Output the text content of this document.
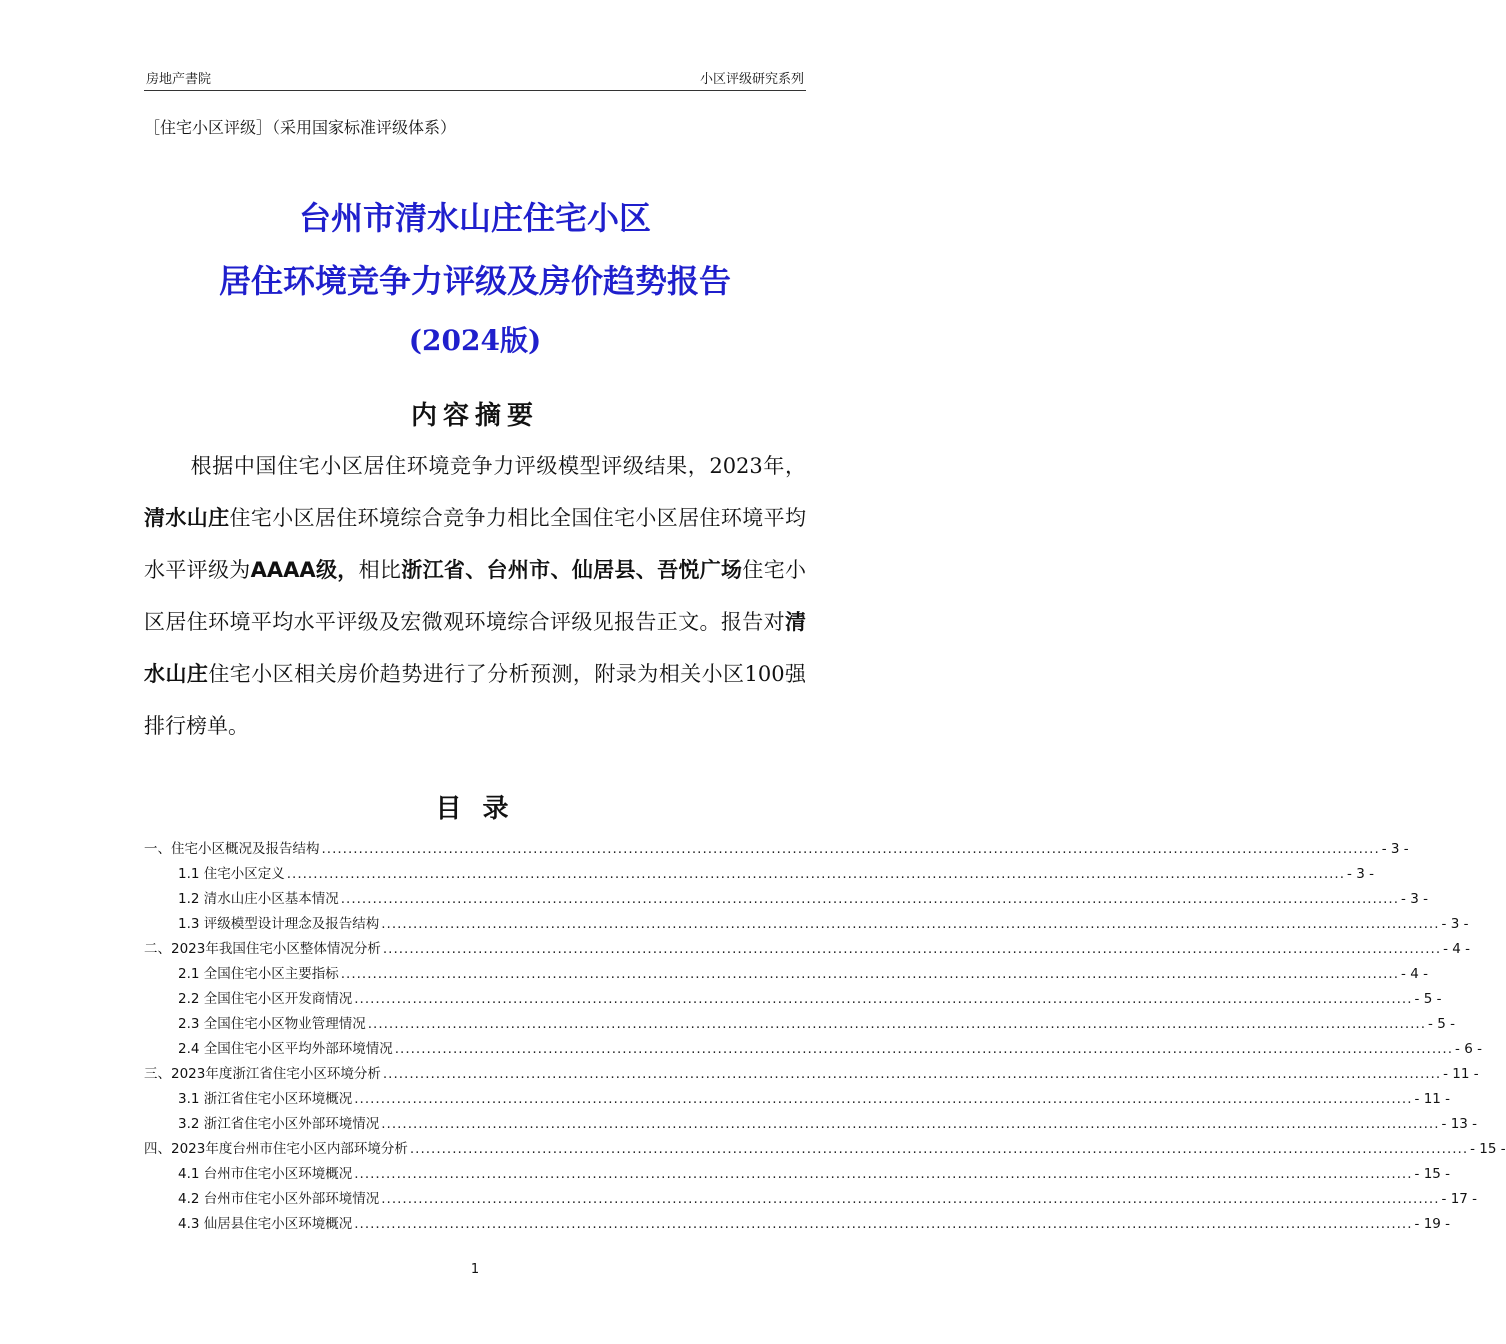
房地产書院	小区评级研究系列
［住宅小区评级］（采用国家标准评级体系）
台州市清水山庄住宅小区
居住环境竞争力评级及房价趋势报告
(2024版)
内容摘要
根据中国住宅小区居住环境竞争力评级模型评级结果，2023年，清水山庄住宅小区居住环境综合竞争力相比全国住宅小区居住环境平均水平评级为AAAA级，相比浙江省、台州市、仙居县、吾悦广场住宅小区居住环境平均水平评级及宏微观环境综合评级见报告正文。报告对清水山庄住宅小区相关房价趋势进行了分析预测，附录为相关小区100强排行榜单。
目 录
一、住宅小区概况及报告结构 ........................................................................................................................................................................................................ - 3 -
1.1 住宅小区定义 ........................................................................................................................................................................................................ - 3 -
1.2 清水山庄小区基本情况 ........................................................................................................................................................................................................ - 3 -
1.3 评级模型设计理念及报告结构 ........................................................................................................................................................................................................ - 3 -
二、2023年我国住宅小区整体情况分析 ........................................................................................................................................................................................................ - 4 -
2.1 全国住宅小区主要指标 ........................................................................................................................................................................................................ - 4 -
2.2 全国住宅小区开发商情况 ........................................................................................................................................................................................................ - 5 -
2.3 全国住宅小区物业管理情况 ........................................................................................................................................................................................................ - 5 -
2.4 全国住宅小区平均外部环境情况 ........................................................................................................................................................................................................ - 6 -
三、2023年度浙江省住宅小区环境分析 ........................................................................................................................................................................................................ - 11 -
3.1 浙江省住宅小区环境概况 ........................................................................................................................................................................................................ - 11 -
3.2 浙江省住宅小区外部环境情况 ........................................................................................................................................................................................................ - 13 -
四、2023年度台州市住宅小区内部环境分析 ........................................................................................................................................................................................................ - 15 -
4.1 台州市住宅小区环境概况 ........................................................................................................................................................................................................ - 15 -
4.2 台州市住宅小区外部环境情况 ........................................................................................................................................................................................................ - 17 -
4.3 仙居县住宅小区环境概况 ........................................................................................................................................................................................................ - 19 -
1
